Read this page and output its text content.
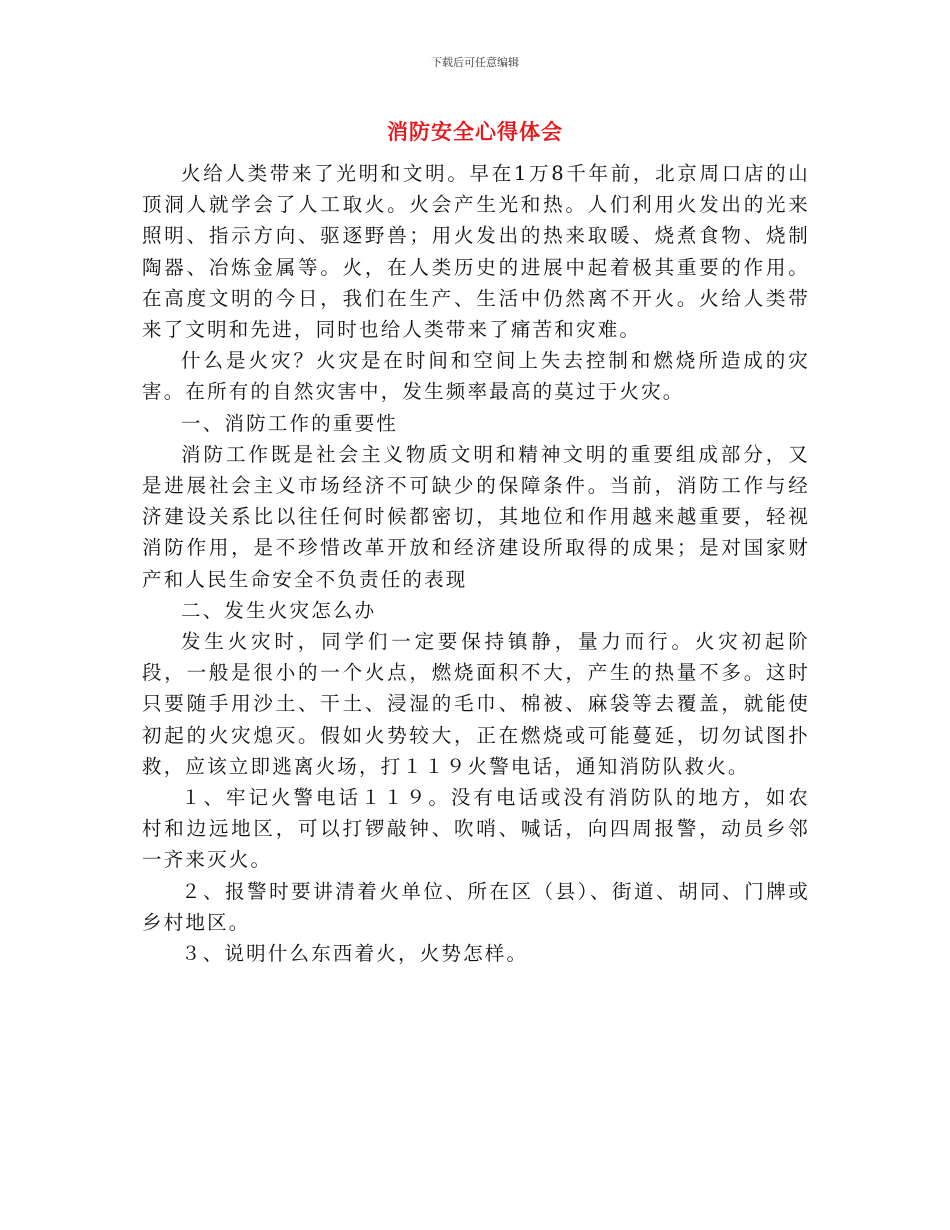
下载后可任意编辑
消防安全心得体会

火给人类带来了光明和文明。早在1万8千年前，北京周口店的山顶洞人就学会了人工取火。火会产生光和热。人们利用火发出的光来照明、指示方向、驱逐野兽；用火发出的热来取暖、烧煮食物、烧制陶器、冶炼金属等。火，在人类历史的进展中起着极其重要的作用。在高度文明的今日，我们在生产、生活中仍然离不开火。火给人类带来了文明和先进，同时也给人类带来了痛苦和灾难。

什么是火灾？火灾是在时间和空间上失去控制和燃烧所造成的灾害。在所有的自然灾害中，发生频率最高的莫过于火灾。

一、消防工作的重要性

消防工作既是社会主义物质文明和精神文明的重要组成部分，又是进展社会主义市场经济不可缺少的保障条件。当前，消防工作与经济建设关系比以往任何时候都密切，其地位和作用越来越重要，轻视消防作用，是不珍惜改革开放和经济建设所取得的成果；是对国家财产和人民生命安全不负责任的表现

二、发生火灾怎么办

发生火灾时，同学们一定要保持镇静，量力而行。火灾初起阶段，一般是很小的一个火点，燃烧面积不大，产生的热量不多。这时只要随手用沙土、干土、浸湿的毛巾、棉被、麻袋等去覆盖，就能使初起的火灾熄灭。假如火势较大，正在燃烧或可能蔓延，切勿试图扑救，应该立即逃离火场，打１１９火警电话，通知消防队救火。

１、牢记火警电话１１９。没有电话或没有消防队的地方，如农村和边远地区，可以打锣敲钟、吹哨、喊话，向四周报警，动员乡邻一齐来灭火。

２、报警时要讲清着火单位、所在区（县）、街道、胡同、门牌或乡村地区。

３、说明什么东西着火，火势怎样。
